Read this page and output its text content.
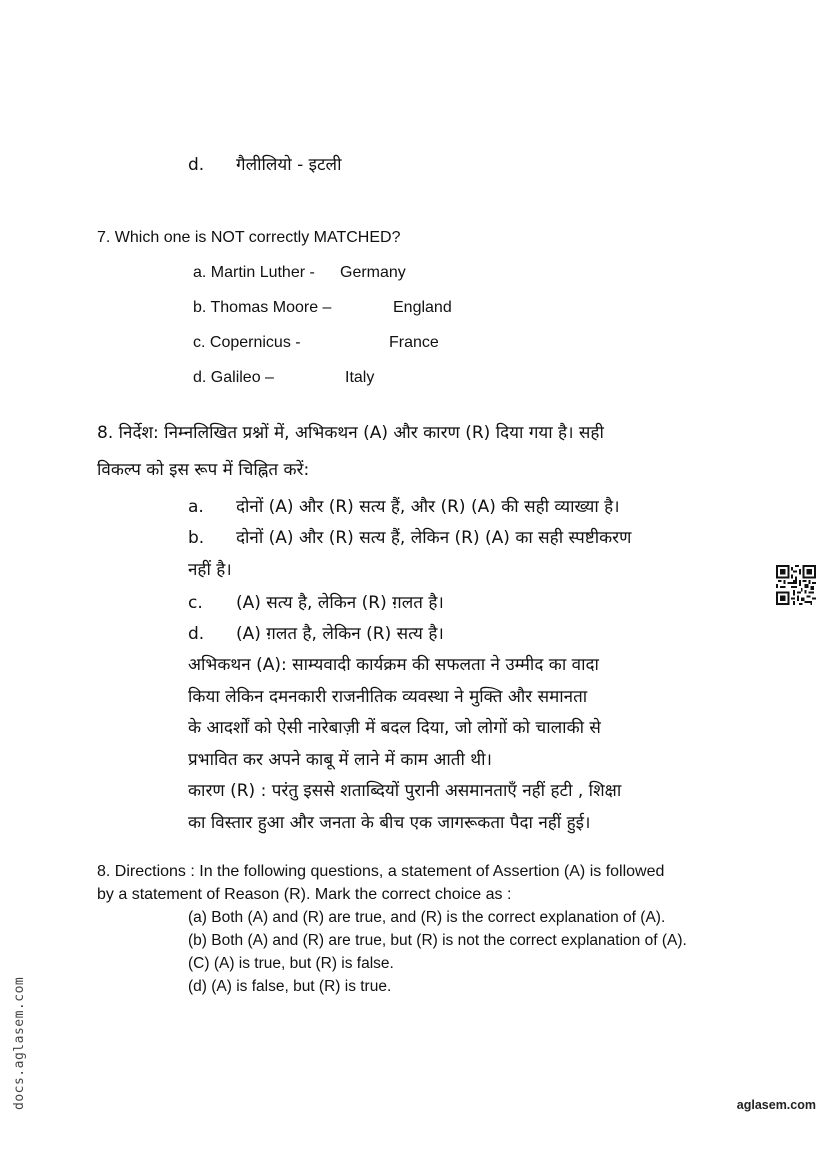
d. गैलीलियो - इटली
7. Which one is NOT correctly MATCHED?
a. Martin Luther - Germany
b. Thomas Moore –	England
c. Copernicus -	France
d. Galileo –	Italy
8. निर्देश: निम्नलिखित प्रश्नों में, अभिकथन (A) और कारण (R) दिया गया है। सही
विकल्प को इस रूप में चिह्नित करें:
a. दोनों (A) और (R) सत्य हैं, और (R) (A) की सही व्याख्या है।
b. दोनों (A) और (R) सत्य हैं, लेकिन (R) (A) का सही स्पष्टीकरण
नहीं है।
c. (A) सत्य है, लेकिन (R) ग़लत है।
d. (A) ग़लत है, लेकिन (R) सत्य है।
अभिकथन (A): साम्यवादी कार्यक्रम की सफलता ने उम्मीद का वादा
किया लेकिन दमनकारी राजनीतिक व्यवस्था ने मुक्ति और समानता
के आदर्शों को ऐसी नारेबाज़ी में बदल दिया, जो लोगों को चालाकी से
प्रभावित कर अपने काबू में लाने में काम आती थी।
कारण (R) : परंतु इससे शताब्दियों पुरानी असमानताएँ नहीं हटी , शिक्षा
का विस्तार हुआ और जनता के बीच एक जागरूकता पैदा नहीं हुई।
8. Directions : In the following questions, a statement of Assertion (A) is followed
by a statement of Reason (R). Mark the correct choice as :
(a) Both (A) and (R) are true, and (R) is the correct explanation of (A).
(b) Both (A) and (R) are true, but (R) is not the correct explanation of (A).
(C) (A) is true, but (R) is false.
(d) (A) is false, but (R) is true.
docs.aglasem.com	aglasem.com
